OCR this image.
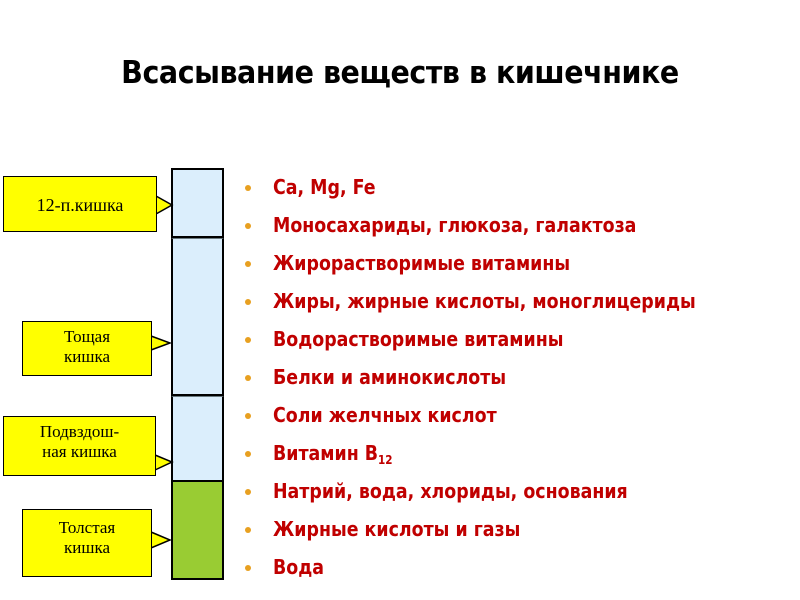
Всасывание веществ в кишечнике
12-п.кишка
Тощая
кишка
Подвздош-
ная кишка
Толстая
кишка
Ca, Mg, Fe
Моносахариды, глюкоза, галактоза
Жирорастворимые витамины
Жиры, жирные кислоты, моноглицериды
Водорастворимые витамины
Белки и аминокислоты
Соли желчных кислот
Витамин $В_{12}$
Натрий, вода, хлориды, основания
Жирные кислоты и газы
Вода
